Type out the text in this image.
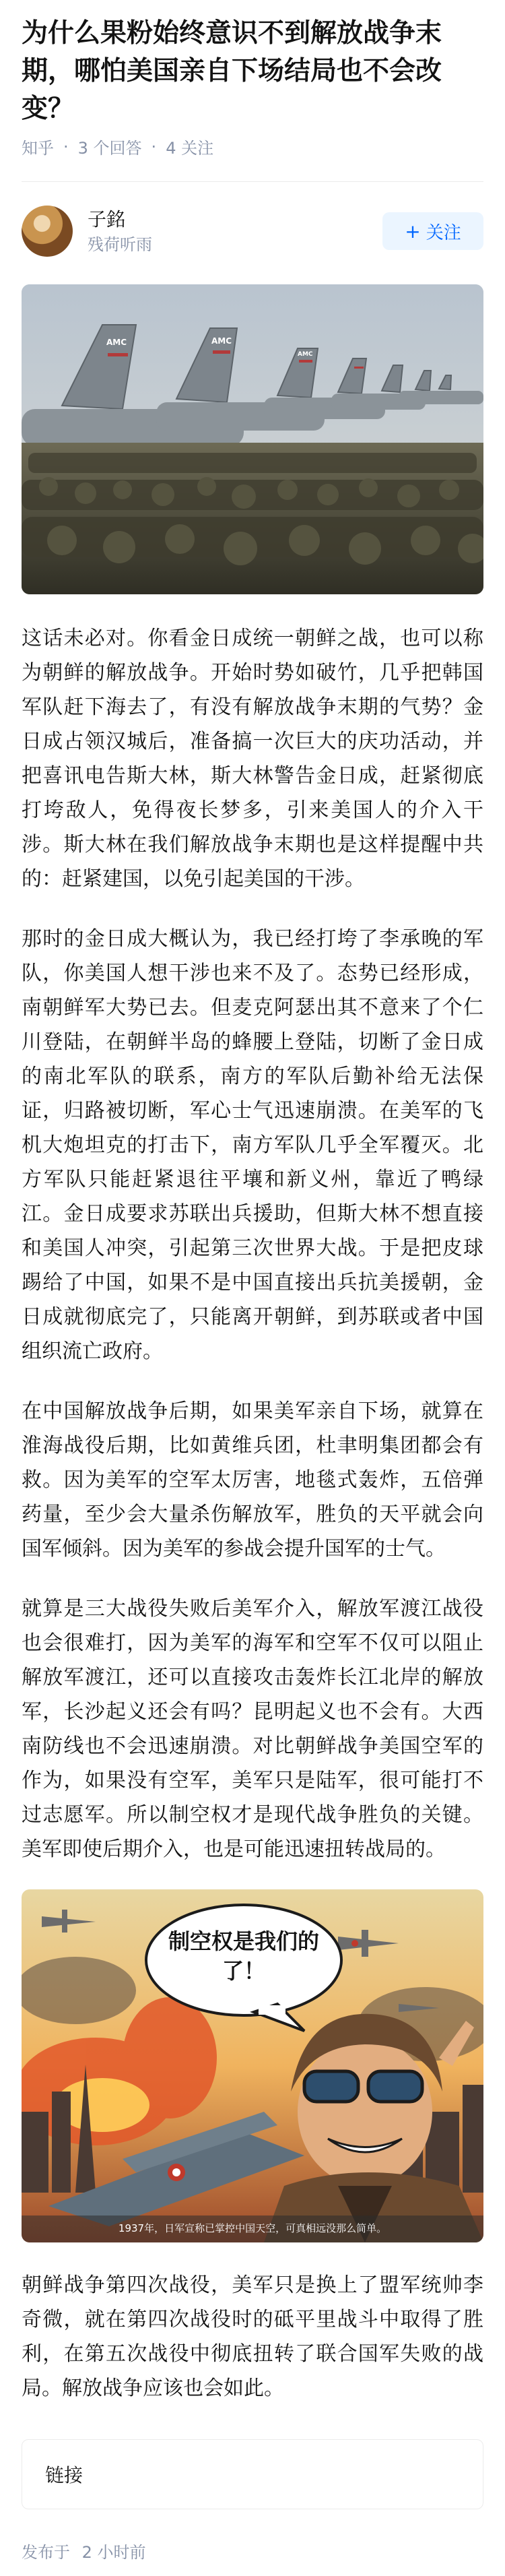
为什么果粉始终意识不到解放战争末期，哪怕美国亲自下场结局也不会改变？
知乎 · 3 个回答 · 4 关注
子銘
残荷听雨
+ 关注
AMC	AMC
AMC

这话未必对。你看金日成统一朝鲜之战，也可以称为朝鲜的解放战争。开始时势如破竹，几乎把韩国军队赶下海去了，有没有解放战争末期的气势？金日成占领汉城后，准备搞一次巨大的庆功活动，并把喜讯电告斯大林，斯大林警告金日成，赶紧彻底打垮敌人，免得夜长梦多，引来美国人的介入干涉。斯大林在我们解放战争末期也是这样提醒中共的：赶紧建国，以免引起美国的干涉。

那时的金日成大概认为，我已经打垮了李承晚的军队，你美国人想干涉也来不及了。态势已经形成，南朝鲜军大势已去。但麦克阿瑟出其不意来了个仁川登陆，在朝鲜半岛的蜂腰上登陆，切断了金日成的南北军队的联系，南方的军队后勤补给无法保证，归路被切断，军心士气迅速崩溃。在美军的飞机大炮坦克的打击下，南方军队几乎全军覆灭。北方军队只能赶紧退往平壤和新义州，靠近了鸭绿江。金日成要求苏联出兵援助，但斯大林不想直接和美国人冲突，引起第三次世界大战。于是把皮球踢给了中国，如果不是中国直接出兵抗美援朝，金日成就彻底完了，只能离开朝鲜，到苏联或者中国组织流亡政府。

在中国解放战争后期，如果美军亲自下场，就算在淮海战役后期，比如黄维兵团，杜聿明集团都会有救。因为美军的空军太厉害，地毯式轰炸，五倍弹药量，至少会大量杀伤解放军，胜负的天平就会向国军倾斜。因为美军的参战会提升国军的士气。

就算是三大战役失败后美军介入，解放军渡江战役也会很难打，因为美军的海军和空军不仅可以阻止解放军渡江，还可以直接攻击轰炸长江北岸的解放军，长沙起义还会有吗？昆明起义也不会有。大西南防线也不会迅速崩溃。对比朝鲜战争美国空军的作为，如果没有空军，美军只是陆军，很可能打不过志愿军。所以制空权才是现代战争胜负的关键。美军即使后期介入，也是可能迅速扭转战局的。

制空权是我们的了！
1937年，日军宣称已掌控中国天空，可真相远没那么简单。

朝鲜战争第四次战役，美军只是换上了盟军统帅李奇微，就在第四次战役时的砥平里战斗中取得了胜利，在第五次战役中彻底扭转了联合国军失败的战局。解放战争应该也会如此。

链接
发布于 2 小时前
